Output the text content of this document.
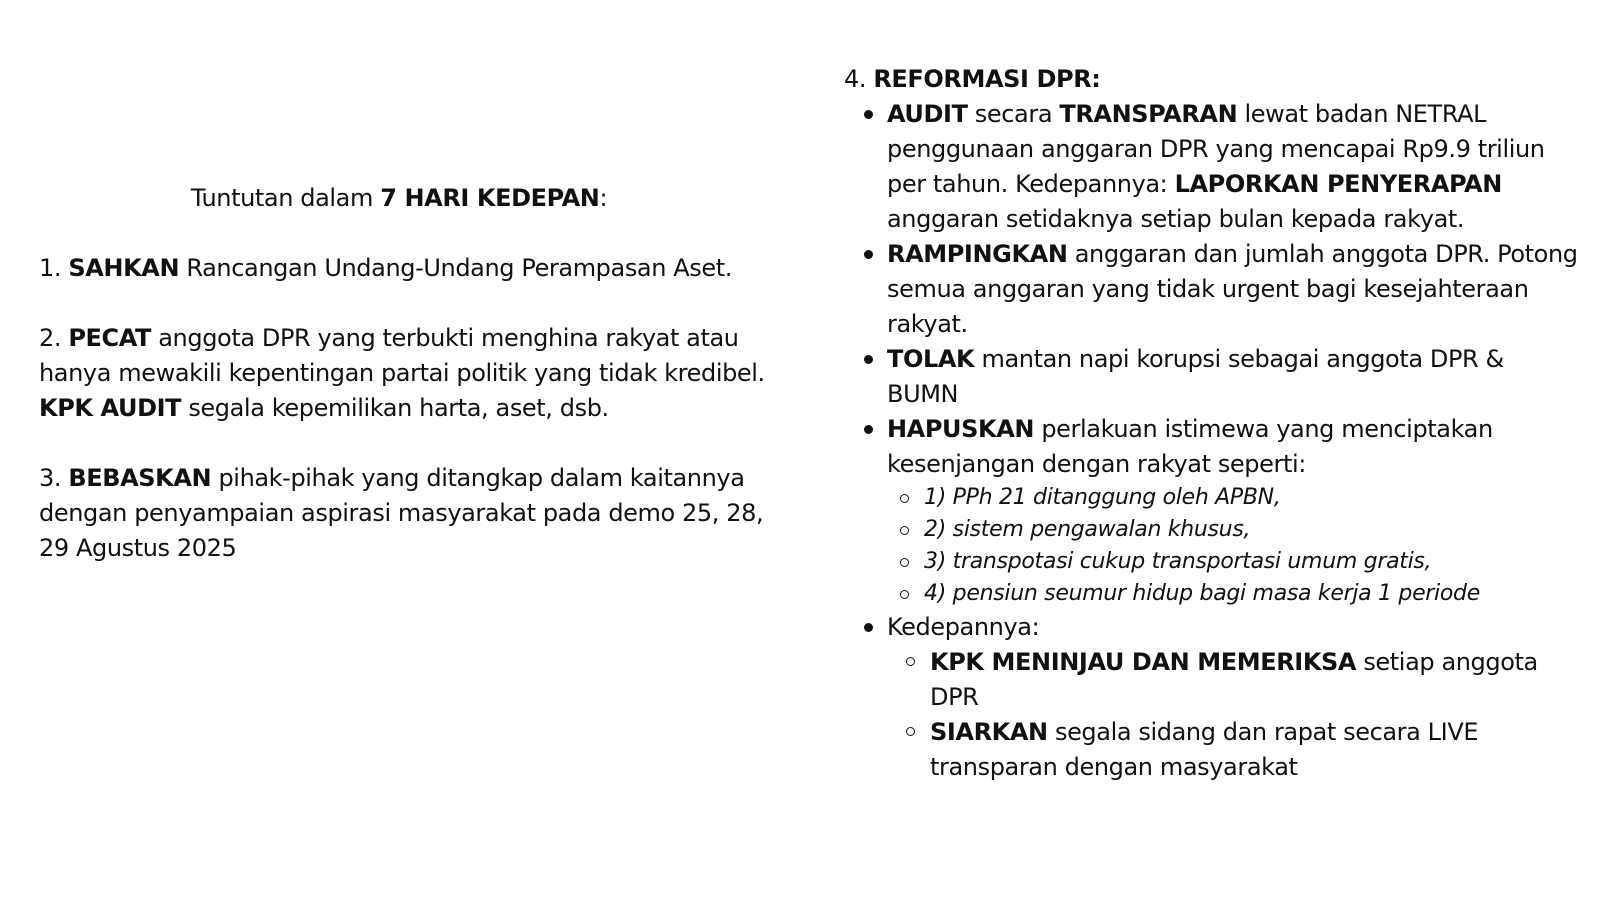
Tuntutan dalam 7 HARI KEDEPAN:

1. SAHKAN Rancangan Undang-Undang Perampasan Aset.

2. PECAT anggota DPR yang terbukti menghina rakyat atau hanya mewakili kepentingan partai politik yang tidak kredibel. KPK AUDIT segala kepemilikan harta, aset, dsb.

3. BEBASKAN pihak-pihak yang ditangkap dalam kaitannya dengan penyampaian aspirasi masyarakat pada demo 25, 28, 29 Agustus 2025

4. REFORMASI DPR:

AUDIT secara TRANSPARAN lewat badan NETRAL penggunaan anggaran DPR yang mencapai Rp9.9 triliun per tahun. Kedepannya: LAPORKAN PENYERAPAN anggaran setidaknya setiap bulan kepada rakyat.
RAMPINGKAN anggaran dan jumlah anggota DPR. Potong semua anggaran yang tidak urgent bagi kesejahteraan rakyat.
TOLAK mantan napi korupsi sebagai anggota DPR & BUMN
HAPUSKAN perlakuan istimewa yang menciptakan kesenjangan dengan rakyat seperti:
1) PPh 21 ditanggung oleh APBN,
2) sistem pengawalan khusus,
3) transpotasi cukup transportasi umum gratis,
4) pensiun seumur hidup bagi masa kerja 1 periode
Kedepannya:
KPK MENINJAU DAN MEMERIKSA setiap anggota DPR
SIARKAN segala sidang dan rapat secara LIVE transparan dengan masyarakat
